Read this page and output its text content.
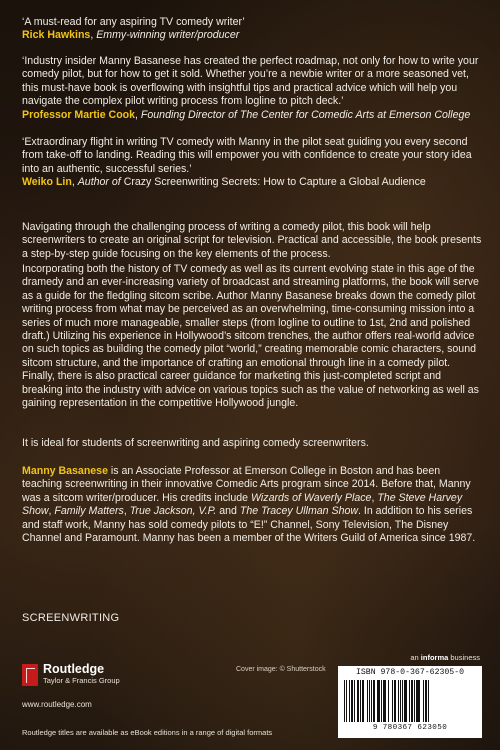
‘A must-read for any aspiring TV comedy writer’

Rick Hawkins, Emmy-winning writer/producer

‘Industry insider Manny Basanese has created the perfect roadmap, not only for how to write your comedy pilot, but for how to get it sold. Whether you’re a newbie writer or a more seasoned vet, this must-have book is overflowing with insightful tips and practical advice which will help you navigate the complex pilot writing process from logline to pitch deck.’

Professor Martie Cook, Founding Director of The Center for Comedic Arts at Emerson College

‘Extraordinary flight in writing TV comedy with Manny in the pilot seat guiding you every second from take-off to landing. Reading this will empower you with confidence to create your story idea into an authentic, successful series.’

Weiko Lin, Author of Crazy Screenwriting Secrets: How to Capture a Global Audience

Navigating through the challenging process of writing a comedy pilot, this book will help screenwriters to create an original script for television. Practical and accessible, the book presents a step-by-step guide focusing on the key elements of the process.

Incorporating both the history of TV comedy as well as its current evolving state in this age of the dramedy and an ever-increasing variety of broadcast and streaming platforms, the book will serve as a guide for the fledgling sitcom scribe. Author Manny Basanese breaks down the comedy pilot writing process from what may be perceived as an overwhelming, time-consuming mission into a series of much more manageable, smaller steps (from logline to outline to 1st, 2nd and polished draft.) Utilizing his experience in Hollywood’s sitcom trenches, the author offers real-world advice on such topics as building the comedy pilot “world,” creating memorable comic characters, sound sitcom structure, and the importance of crafting an emotional through line in a comedy pilot. Finally, there is also practical career guidance for marketing this just-completed script and breaking into the industry with advice on various topics such as the value of networking as well as gaining representation in the competitive Hollywood jungle.

It is ideal for students of screenwriting and aspiring comedy screenwriters.

Manny Basanese is an Associate Professor at Emerson College in Boston and has been teaching screenwriting in their innovative Comedic Arts program since 2014. Before that, Manny was a sitcom writer/producer. His credits include Wizards of Waverly Place, The Steve Harvey Show, Family Matters, True Jackson, V.P. and The Tracey Ullman Show. In addition to his series and staff work, Manny has sold comedy pilots to “E!” Channel, Sony Television, The Disney Channel and Paramount. Manny has been a member of the Writers Guild of America since 1987.

SCREENWRITING
an informa business
Routledge
Taylor & Francis Group
www.routledge.com
Cover image: © Shutterstock	ISBN 978-0-367-62305-0
9 780367 623050
Routledge titles are available as eBook editions in a range of digital formats
